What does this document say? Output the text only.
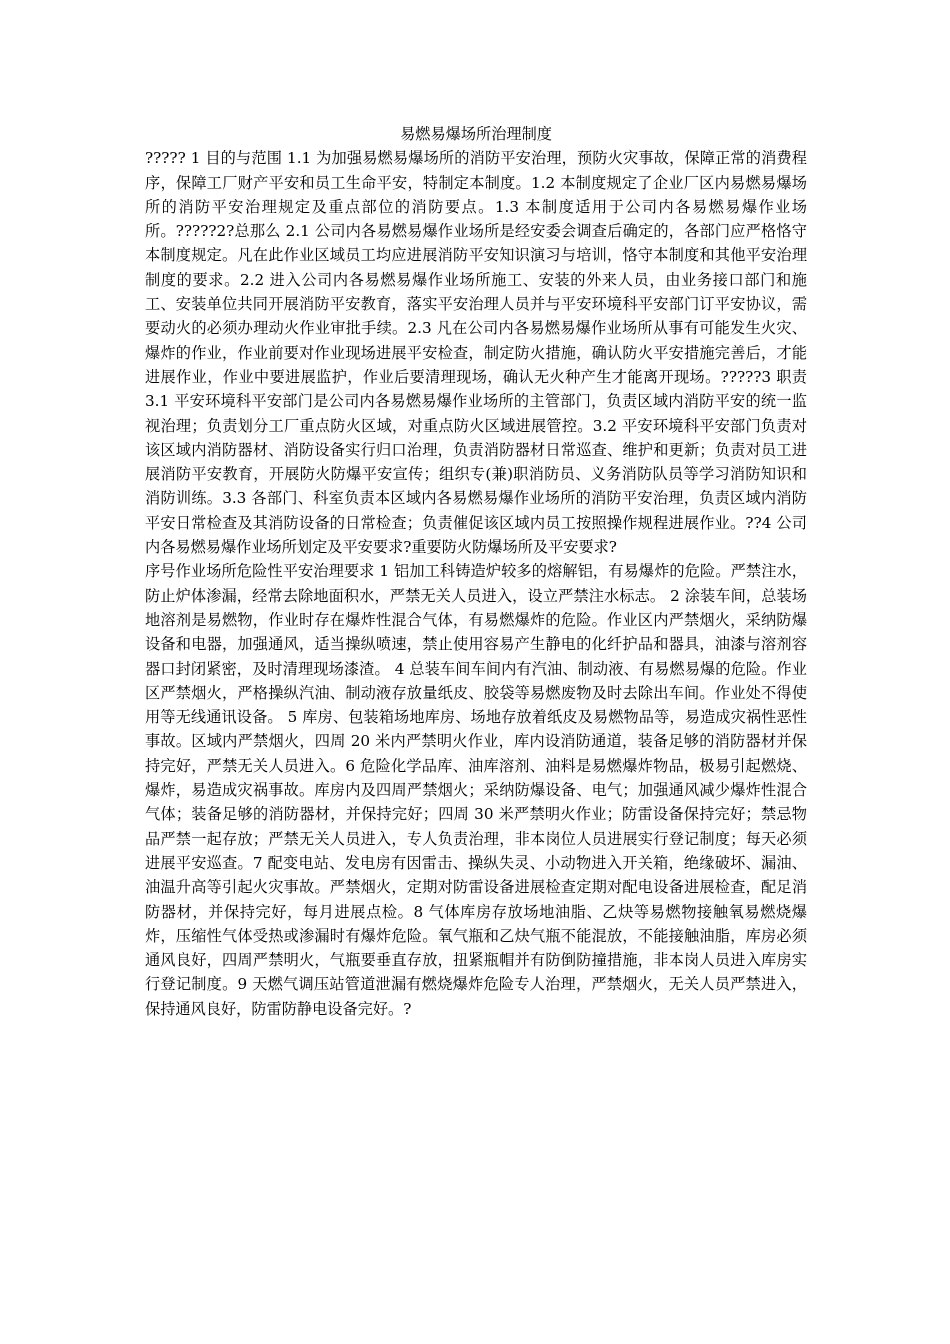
易燃易爆场所治理制度

????? 1 目的与范围 1.1 为加强易燃易爆场所的消防平安治理，预防火灾事故，保障正常的消费程序，保障工厂财产平安和员工生命平安，特制定本制度。1.2 本制度规定了企业厂区内易燃易爆场所的消防平安治理规定及重点部位的消防要点。1.3 本制度适用于公司内各易燃易爆作业场所。?????2?总那么 2.1 公司内各易燃易爆作业场所是经安委会调查后确定的，各部门应严格恪守本制度规定。凡在此作业区域员工均应进展消防平安知识演习与培训，恪守本制度和其他平安治理制度的要求。2.2 进入公司内各易燃易爆作业场所施工、安装的外来人员，由业务接口部门和施工、安装单位共同开展消防平安教育，落实平安治理人员并与平安环境科平安部门订平安协议，需要动火的必须办理动火作业审批手续。2.3 凡在公司内各易燃易爆作业场所从事有可能发生火灾、爆炸的作业，作业前要对作业现场进展平安检查，制定防火措施，确认防火平安措施完善后，才能进展作业，作业中要进展监护，作业后要清理现场，确认无火种产生才能离开现场。?????3 职责 3.1 平安环境科平安部门是公司内各易燃易爆作业场所的主管部门，负责区域内消防平安的统一监视治理；负责划分工厂重点防火区域，对重点防火区域进展管控。3.2 平安环境科平安部门负责对该区域内消防器材、消防设备实行归口治理，负责消防器材日常巡查、维护和更新；负责对员工进展消防平安教育，开展防火防爆平安宣传；组织专(兼)职消防员、义务消防队员等学习消防知识和消防训练。3.3 各部门、科室负责本区域内各易燃易爆作业场所的消防平安治理，负责区域内消防平安日常检查及其消防设备的日常检查；负责催促该区域内员工按照操作规程进展作业。??4 公司内各易燃易爆作业场所划定及平安要求?重要防火防爆场所及平安要求?

序号作业场所危险性平安治理要求 1 铝加工科铸造炉较多的熔解铝，有易爆炸的危险。严禁注水，防止炉体渗漏，经常去除地面积水，严禁无关人员进入，设立严禁注水标志。 2 涂装车间，总装场地溶剂是易燃物，作业时存在爆炸性混合气体，有易燃爆炸的危险。作业区内严禁烟火，采纳防爆设备和电器，加强通风，适当操纵喷速，禁止使用容易产生静电的化纤护品和器具，油漆与溶剂容器口封闭紧密，及时清理现场漆渣。 4 总装车间车间内有汽油、制动液、有易燃易爆的危险。作业区严禁烟火，严格操纵汽油、制动液存放量纸皮、胶袋等易燃废物及时去除出车间。作业处不得使用等无线通讯设备。 5 库房、包装箱场地库房、场地存放着纸皮及易燃物品等，易造成灾祸性恶性事故。区域内严禁烟火，四周 20 米内严禁明火作业，库内设消防通道，装备足够的消防器材并保持完好，严禁无关人员进入。6 危险化学品库、油库溶剂、油料是易燃爆炸物品，极易引起燃烧、爆炸，易造成灾祸事故。库房内及四周严禁烟火；采纳防爆设备、电气；加强通风减少爆炸性混合气体；装备足够的消防器材，并保持完好；四周 30 米严禁明火作业；防雷设备保持完好；禁忌物品严禁一起存放；严禁无关人员进入，专人负责治理，非本岗位人员进展实行登记制度；每天必须进展平安巡查。7 配变电站、发电房有因雷击、操纵失灵、小动物进入开关箱，绝缘破坏、漏油、油温升高等引起火灾事故。严禁烟火，定期对防雷设备进展检查定期对配电设备进展检查，配足消防器材，并保持完好，每月进展点检。8 气体库房存放场地油脂、乙炔等易燃物接触氧易燃烧爆炸，压缩性气体受热或渗漏时有爆炸危险。氧气瓶和乙炔气瓶不能混放，不能接触油脂，库房必须通风良好，四周严禁明火，气瓶要垂直存放，扭紧瓶帽并有防倒防撞措施，非本岗人员进入库房实行登记制度。9 天燃气调压站管道泄漏有燃烧爆炸危险专人治理，严禁烟火，无关人员严禁进入，保持通风良好，防雷防静电设备完好。?
